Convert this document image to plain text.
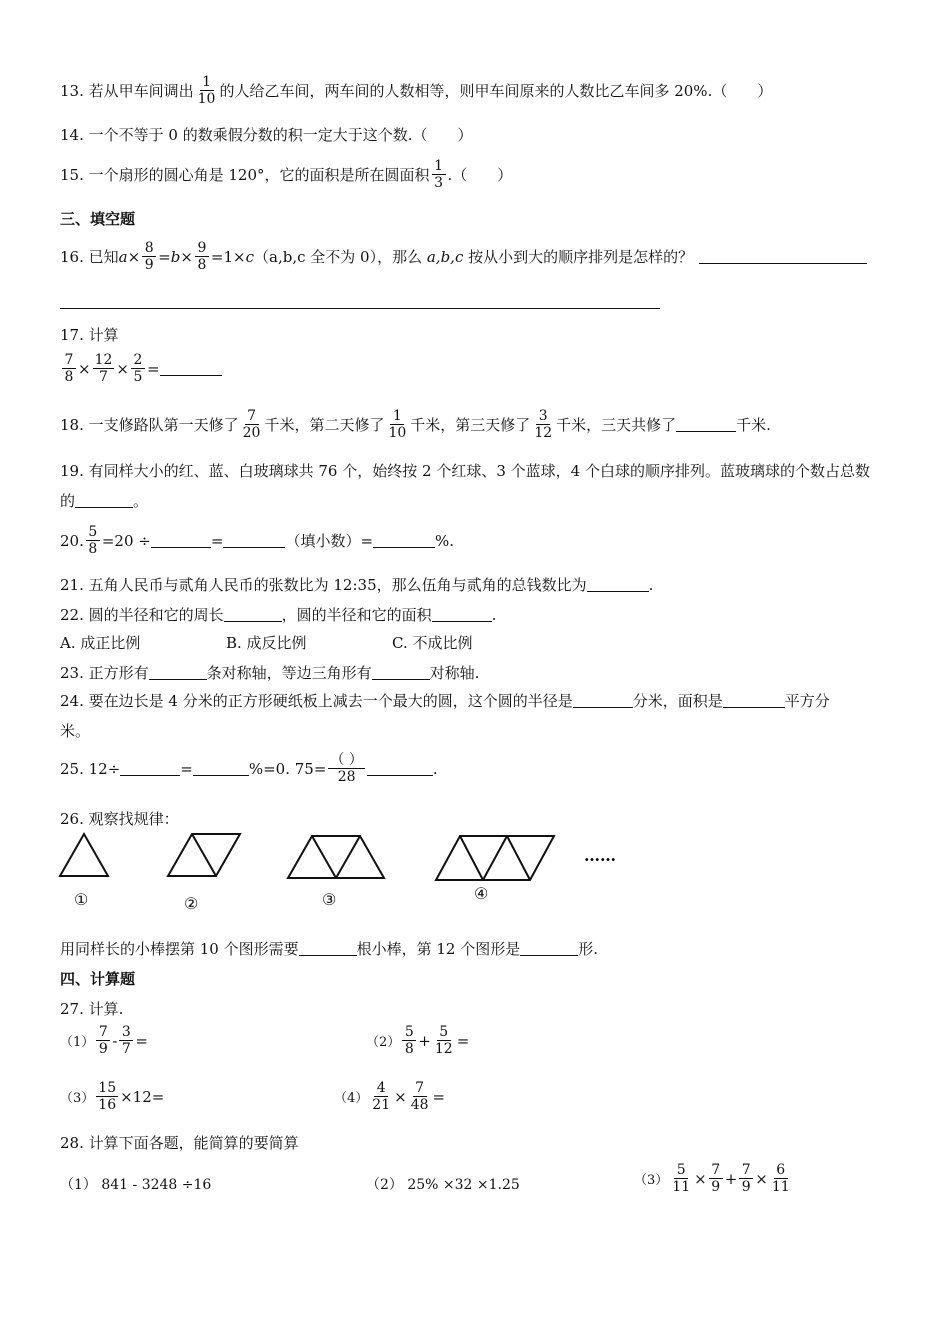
13. 若从甲车间调出 $\frac{1}{10}$ 的人给乙车间，两车间的人数相等，则甲车间原来的人数比乙车间多 20%.（　　）
14. 一个不等于 0 的数乘假分数的积一定大于这个数.（　　）
15. 一个扇形的圆心角是 120°，它的面积是所在圆面积 $\frac{1}{3}$ .（　　）
三、填空题
16. 已知 $a \times \frac{8}{9} = b \times \frac{9}{8} =1\times c$ （a,b,c 全不为 0），那么
a,b,c
按从小到大的顺序排列是怎样的？
17. 计算
$\frac{7}{8} \times \frac{12}{7} \times \frac{2}{5}$ =
18. 一支修路队第一天修了 $\frac{7}{20}$ 千米，第二天修了 $\frac{1}{10}$ 千米，第三天修了 $\frac{3}{12}$ 千米，三天共修了	千米.
19. 有同样大小的红、蓝、白玻璃球共 76 个，始终按 2 个红球、3 个蓝球，4 个白球的顺序排列。蓝玻璃球的个数占总数
的	。
20. $\frac{5}{8} =20$ ÷	=	（填小数）=	%.
21. 五角人民币与贰角人民币的张数比为 12:35，那么伍角与贰角的总钱数比为	.
22. 圆的半径和它的周长	，圆的半径和它的面积	.
A. 成正比例	B. 成反比例	C. 不成比例
23. 正方形有	条对称轴，等边三角形有	对称轴.
24. 要在边长是 4 分米的正方形硬纸板上减去一个最大的圆，这个圆的半径是	分米，面积是	平方分
米。
25. 12÷	=	%=0. $75= \frac{( )}{28}$	.
26. 观察找规律：
①	②	③	④
……
用同样长的小棒摆第 10 个图形需要	根小棒，第 12 个图形是	形.
四、计算题
27. 计算.
$(1) \frac{7}{9} - \frac{3}{7}$ =	$(2) \frac{5}{8} + \frac{5}{12}$ =
$(3) \frac{15}{16} \times 12=$	$(4) \frac{4}{21} \times \frac{7}{48}$ =
28. 计算下面各题，能简算的要简算
（1） 841 - 3248 ÷16	（2） 25% ×32 ×1.25	$(3) \frac{5}{11} \times \frac{7}{9} + \frac{7}{9} \times \frac{6}{11}$
